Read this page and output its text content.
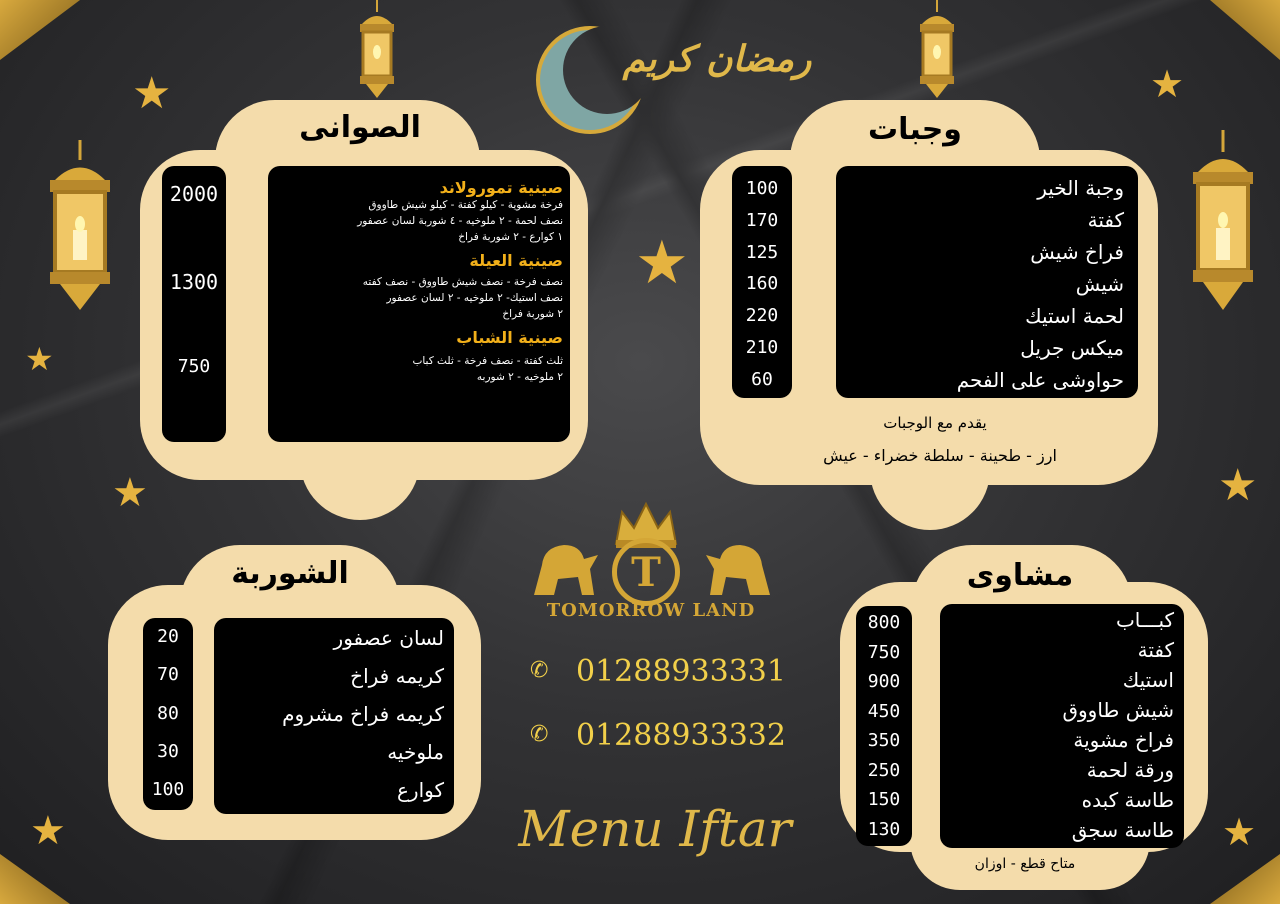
★
★
★
★
★
★
★
★
رمضان كريم
الصوانى
2000
1300
750
صينية تمورولاند
فرخة مشوية - كيلو كفتة - كيلو شيش طاووق
نصف لحمة - ٢ ملوخيه - ٤ شوربة لسان عصفور
١ كوارع - ٢ شوربة فراخ
صينية العيلة
نصف فرخة - نصف شيش طاووق - نصف كفته
نصف استيك- ٢ ملوخيه - ٢ لسان عصفور
٢ شوربة فراخ
صينية الشباب
ثلث كفتة - نصف فرخة - ثلث كباب
٢ ملوخيه - ٢ شوربه
وجبات
100
170
125
160
220
210
60
وجبة الخير
كفتة
فراخ شيش
شيش
لحمة استيك
ميكس جريل
حواوشى على الفحم
يقدم مع الوجبات
ارز - طحينة - سلطة خضراء - عيش
الشوربة
20
70
80
30
100
لسان عصفور
كريمه فراخ
كريمه فراخ مشروم
ملوخيه
كوارع
مشاوى
800
750
900
450
350
250
150
130
كبـــاب
كفتة
استيك
شيش طاووق
فراخ مشوية
ورقة لحمة
طاسة كبده
طاسة سجق
متاح قطع - اوزان
T
TOMORROW LAND
✆ 01288933331
✆ 01288933332
Menu Iftar
